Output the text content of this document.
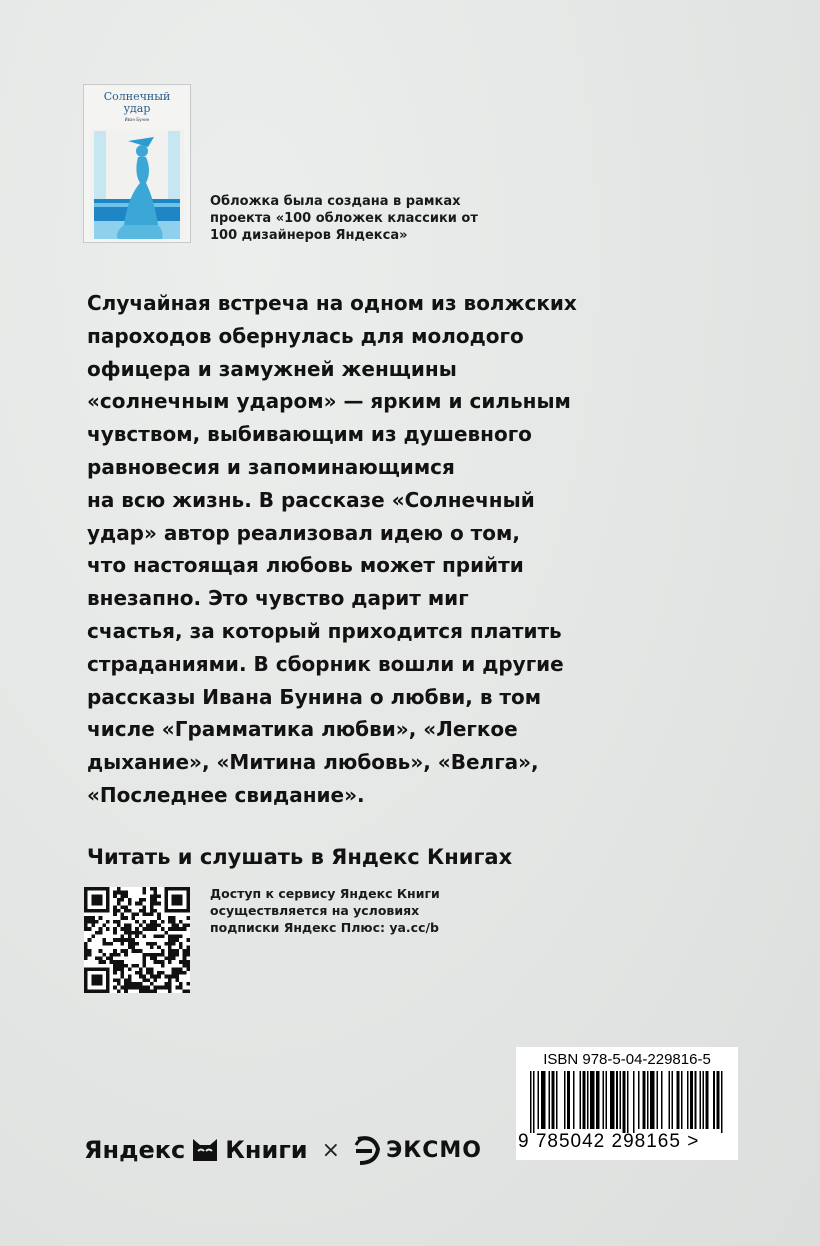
Солнечный
удар
Иван Бунин
Обложка была создана в рамках проекта «100 обложек классики от 100 дизайнеров Яндекса»
Случайная встреча на одном из волжских
пароходов обернулась для молодого
офицера и замужней женщины
«солнечным ударом» — ярким и сильным
чувством, выбивающим из душевного
равновесия и запоминающимся
на всю жизнь. В рассказе «Солнечный
удар» автор реализовал идею о том,
что настоящая любовь может прийти
внезапно. Это чувство дарит миг
счастья, за который приходится платить
страданиями. В сборник вошли и другие
рассказы Ивана Бунина о любви, в том
числе «Грамматика любви», «Легкое
дыхание», «Митина любовь», «Велга»,
«Последнее свидание».
Читать и слушать в Яндекс Книгах
Доступ к сервису Яндекс Книги осуществляется на условиях подписки Яндекс Плюс: ya.cc/b
Яндекс Книги × ЭКСМО
ISBN 978-5-04-229816-5
9 785042 298165 >
